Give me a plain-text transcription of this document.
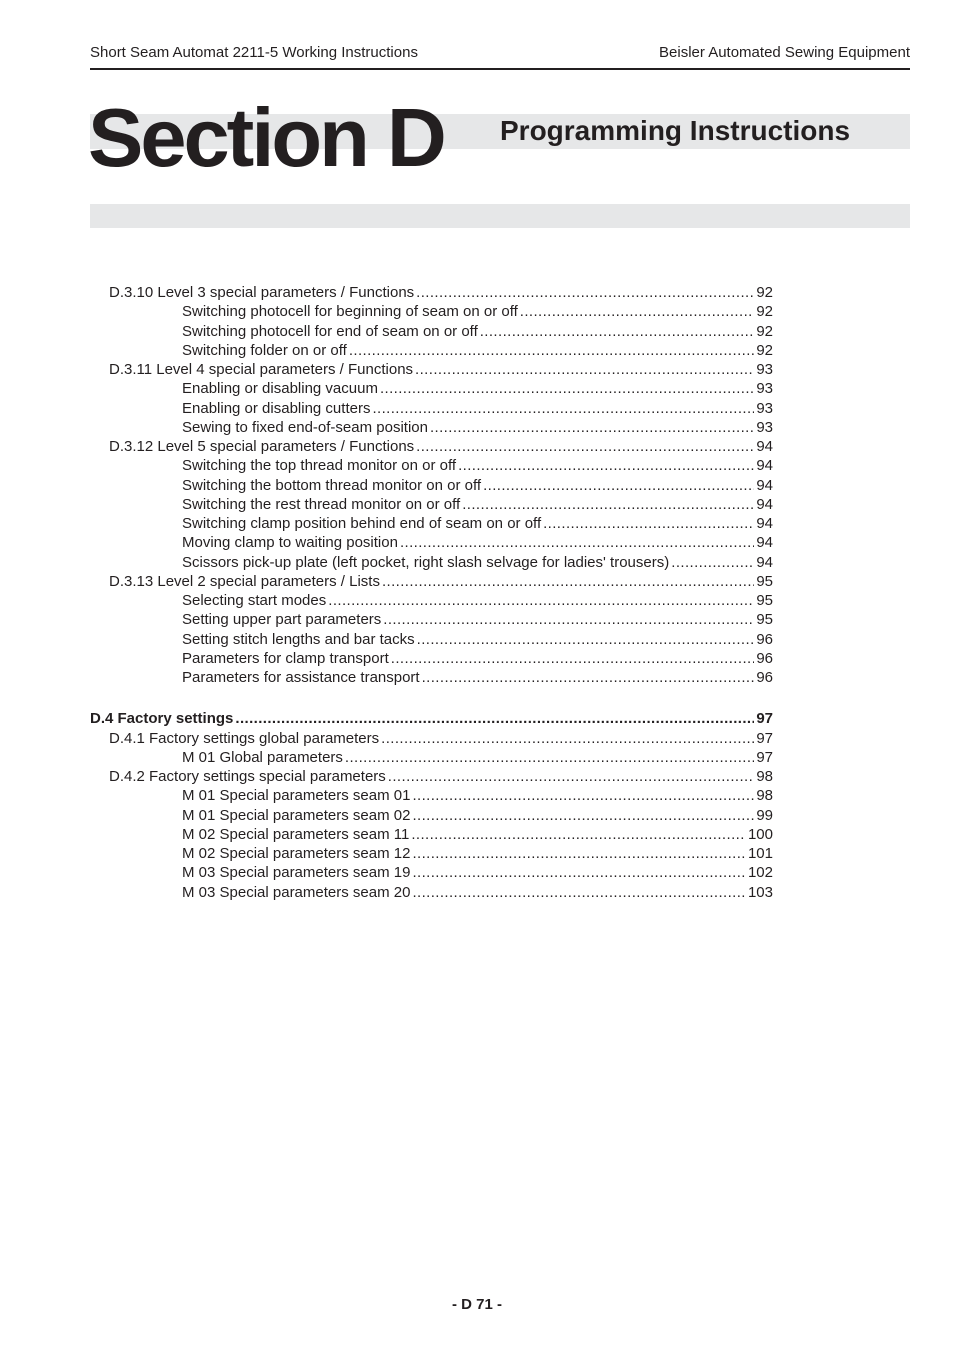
Short Seam Automat 2211-5 Working Instructions	Beisler Automated Sewing Equipment
Section D Programming Instructions
D.3.10 Level 3 special parameters / Functions .....	92
Switching photocell for beginning of seam on or off .....	92
Switching photocell for end of seam on or off .....	92
Switching folder on or off .....	92
D.3.11 Level 4 special parameters / Functions .....	93
Enabling or disabling vacuum .....	93
Enabling or disabling cutters .....	93
Sewing to fixed end-of-seam position .....	93
D.3.12 Level 5 special parameters / Functions .....	94
Switching the top thread monitor on or off .....	94
Switching the bottom thread monitor on or off .....	94
Switching the rest thread monitor on or off .....	94
Switching clamp position behind end of seam on or off .....	94
Moving clamp to waiting position .....	94
Scissors pick-up plate (left pocket, right slash selvage for ladies' trousers) .....	94
D.3.13 Level 2 special parameters / Lists .....	95
Selecting start modes .....	95
Setting upper part parameters .....	95
Setting stitch lengths and bar tacks .....	96
Parameters for clamp transport .....	96
Parameters for assistance transport .....	96
D.4 Factory settings .....	97
D.4.1 Factory settings global parameters .....	97
M 01 Global parameters .....	97
D.4.2 Factory settings special parameters .....	98
M 01 Special parameters seam 01 .....	98
M 01 Special parameters seam 02 .....	99
M 02 Special parameters seam 11 .....	100
M 02 Special parameters seam 12 .....	101
M 03 Special parameters seam 19 .....	102
M 03 Special parameters seam 20 .....	103
- D 71 -
